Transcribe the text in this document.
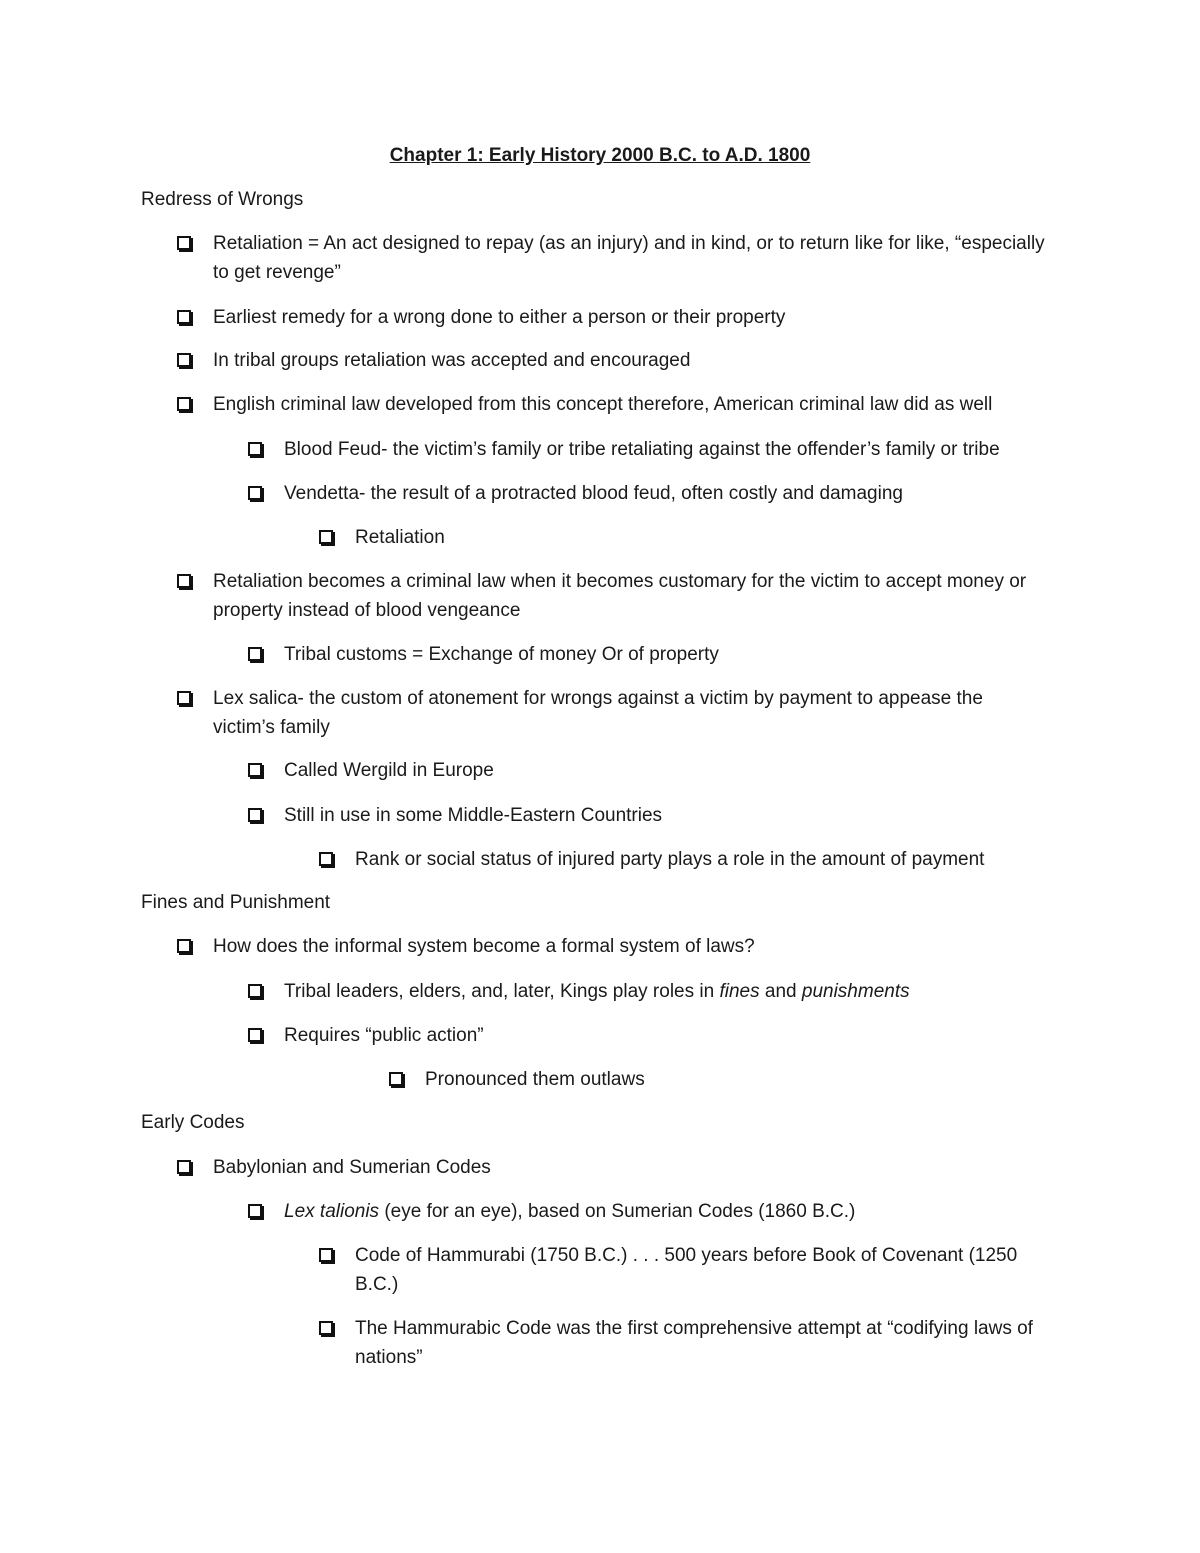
Chapter 1: Early History 2000 B.C. to A.D. 1800
Redress of Wrongs
Retaliation = An act designed to repay (as an injury) and in kind, or to return like for like, “especially to get revenge”
Earliest remedy for a wrong done to either a person or their property
In tribal groups retaliation was accepted and encouraged
English criminal law developed from this concept therefore, American criminal law did as well
Blood Feud- the victim’s family or tribe retaliating against the offender’s family or tribe
Vendetta- the result of a protracted blood feud, often costly and damaging
Retaliation
Retaliation becomes a criminal law when it becomes customary for the victim to accept money or property instead of blood vengeance
Tribal customs = Exchange of money Or of property
Lex salica- the custom of atonement for wrongs against a victim by payment to appease the victim’s family
Called Wergild in Europe
Still in use in some Middle-Eastern Countries
Rank or social status of injured party plays a role in the amount of payment
Fines and Punishment
How does the informal system become a formal system of laws?
Tribal leaders, elders, and, later, Kings play roles in fines and punishments
Requires “public action”
Pronounced them outlaws
Early Codes
Babylonian and Sumerian Codes
Lex talionis (eye for an eye), based on Sumerian Codes (1860 B.C.)
Code of Hammurabi (1750 B.C.) . . . 500 years before Book of Covenant (1250 B.C.)
The Hammurabic Code was the first comprehensive attempt at “codifying laws of nations”
